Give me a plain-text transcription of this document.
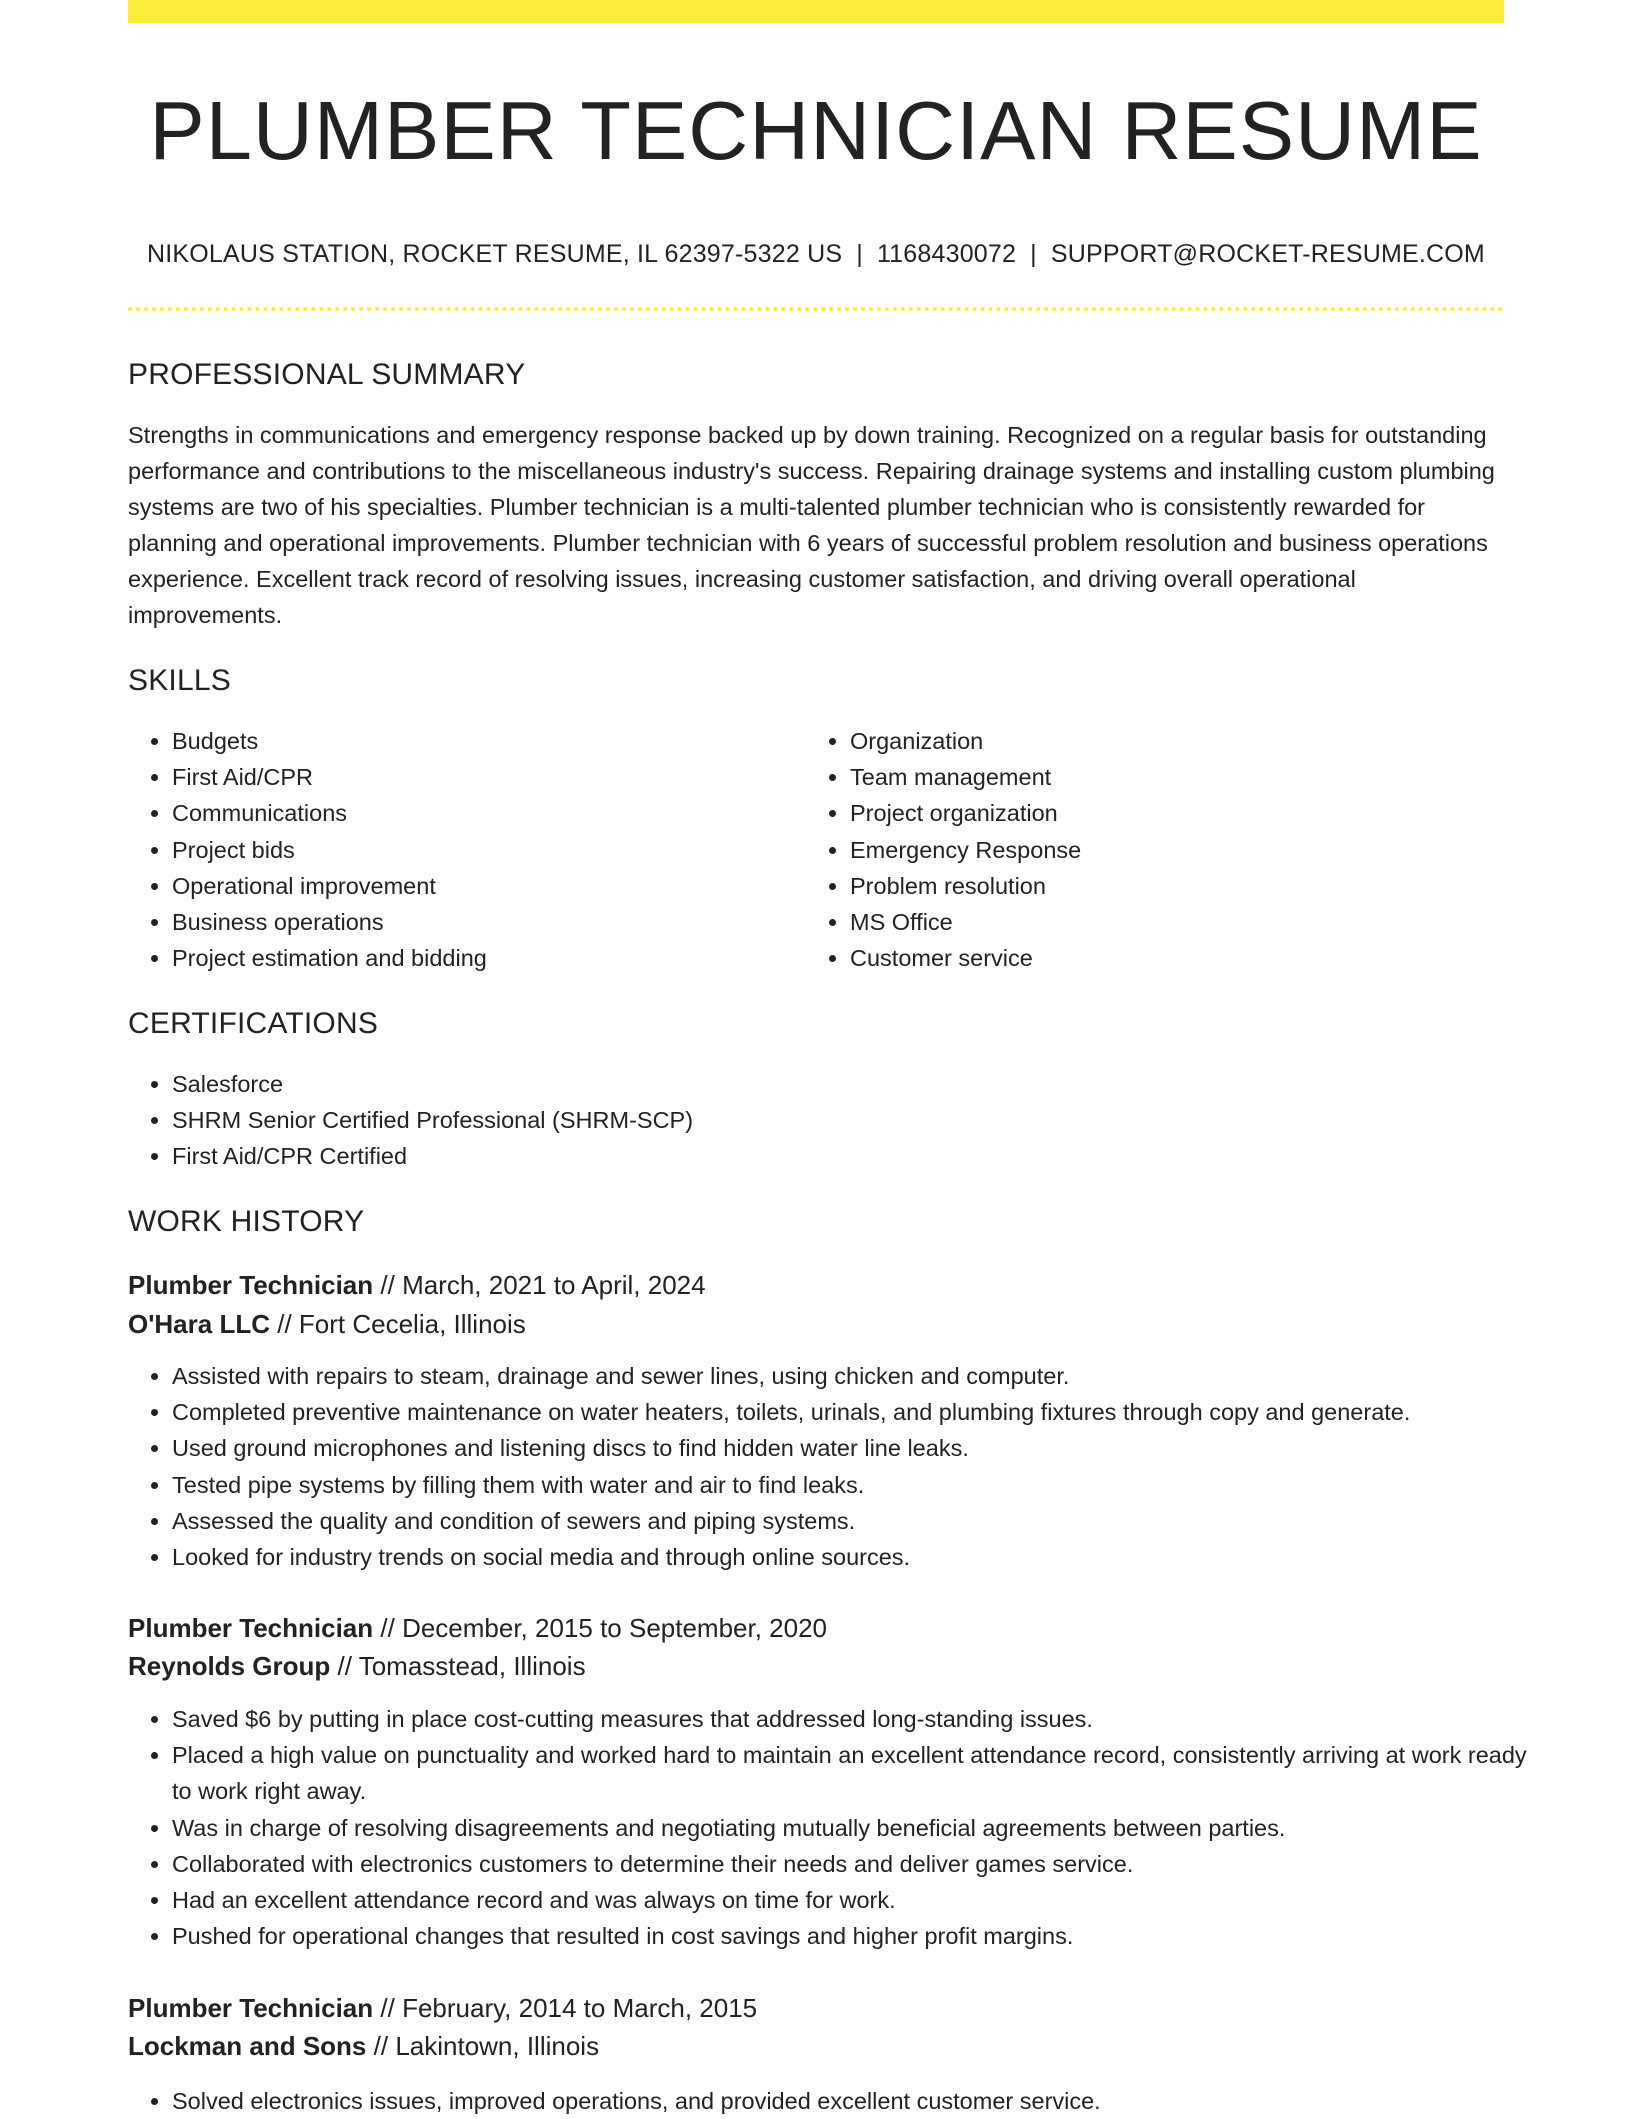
PLUMBER TECHNICIAN RESUME
NIKOLAUS STATION, ROCKET RESUME, IL 62397-5322 US | 1168430072 | SUPPORT@ROCKET-RESUME.COM
PROFESSIONAL SUMMARY

Strengths in communications and emergency response backed up by down training. Recognized on a regular basis for outstanding performance and contributions to the miscellaneous industry's success. Repairing drainage systems and installing custom plumbing systems are two of his specialties. Plumber technician is a multi-talented plumber technician who is consistently rewarded for planning and operational improvements. Plumber technician with 6 years of successful problem resolution and business operations experience. Excellent track record of resolving issues, increasing customer satisfaction, and driving overall operational improvements.

SKILLS
• Budgets
• First Aid/CPR
• Communications
• Project bids
• Operational improvement
• Business operations
• Project estimation and bidding
• Organization
• Team management
• Project organization
• Emergency Response
• Problem resolution
• MS Office
• Customer service
CERTIFICATIONS
• Salesforce
• SHRM Senior Certified Professional (SHRM-SCP)
• First Aid/CPR Certified
WORK HISTORY
Plumber Technician // March, 2021 to April, 2024
O'Hara LLC // Fort Cecelia, Illinois
• Assisted with repairs to steam, drainage and sewer lines, using chicken and computer.
• Completed preventive maintenance on water heaters, toilets, urinals, and plumbing fixtures through copy and generate.
• Used ground microphones and listening discs to find hidden water line leaks.
• Tested pipe systems by filling them with water and air to find leaks.
• Assessed the quality and condition of sewers and piping systems.
• Looked for industry trends on social media and through online sources.
Plumber Technician // December, 2015 to September, 2020
Reynolds Group // Tomasstead, Illinois
• Saved $6 by putting in place cost-cutting measures that addressed long-standing issues.
• Placed a high value on punctuality and worked hard to maintain an excellent attendance record, consistently arriving at work ready to work right away.
• Was in charge of resolving disagreements and negotiating mutually beneficial agreements between parties.
• Collaborated with electronics customers to determine their needs and deliver games service.
• Had an excellent attendance record and was always on time for work.
• Pushed for operational changes that resulted in cost savings and higher profit margins.
Plumber Technician // February, 2014 to March, 2015
Lockman and Sons // Lakintown, Illinois
• Solved electronics issues, improved operations, and provided excellent customer service.
